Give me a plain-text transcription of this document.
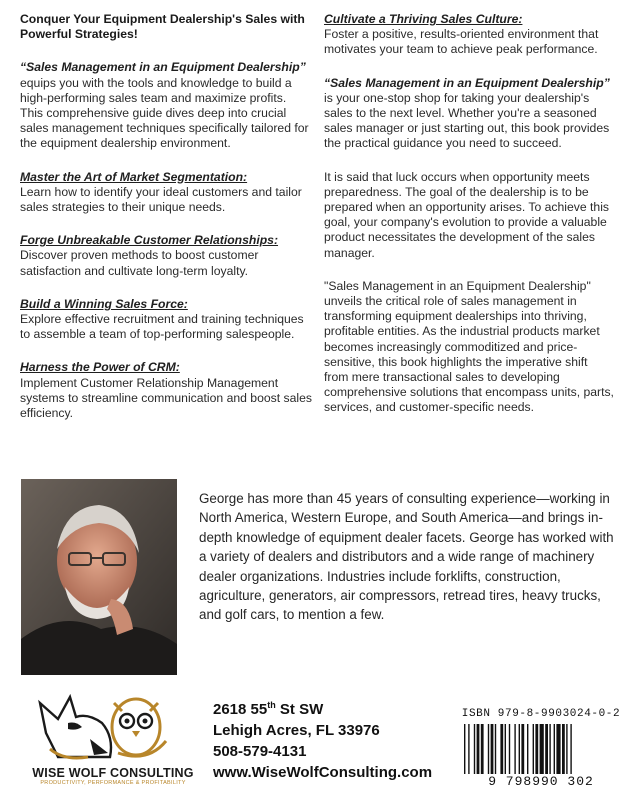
Conquer Your Equipment Dealership's Sales with Powerful Strategies!
“Sales Management in an Equipment Dealership” equips you with the tools and knowledge to build a high-performing sales team and maximize profits. This comprehensive guide dives deep into crucial sales management techniques specifically tailored for the equipment dealership environment.
Master the Art of Market Segmentation:
Learn how to identify your ideal customers and tailor sales strategies to their unique needs.
Forge Unbreakable Customer Relationships:
Discover proven methods to boost customer satisfaction and cultivate long-term loyalty.
Build a Winning Sales Force:
Explore effective recruitment and training techniques to assemble a team of top-performing salespeople.
Harness the Power of CRM:
Implement Customer Relationship Management systems to streamline communication and boost sales efficiency.
Cultivate a Thriving Sales Culture:
Foster a positive, results-oriented environment that motivates your team to achieve peak performance.
“Sales Management in an Equipment Dealership” is your one-stop shop for taking your dealership's sales to the next level. Whether you're a seasoned sales manager or just starting out, this book provides the practical guidance you need to succeed.
It is said that luck occurs when opportunity meets preparedness. The goal of the dealership is to be prepared when an opportunity arises. To achieve this goal, your company's evolution to provide a valuable product necessitates the development of the sales manager.
"Sales Management in an Equipment Dealership" unveils the critical role of sales management in transforming equipment dealerships into thriving, profitable entities. As the industrial products market becomes increasingly commoditized and price-sensitive, this book highlights the imperative shift from mere transactional sales to developing comprehensive solutions that encompass units, parts, services, and customer-specific needs.
George has more than 45 years of consulting experience—working in North America, Western Europe, and South America—and brings in-depth knowledge of equipment dealer facets. George has worked with a variety of dealers and distributors and a wide range of machinery dealer organizations. Industries include forklifts, construction, agriculture, generators, air compressors, retread tires, heavy trucks, and golf cars, to mention a few.
WISE WOLF CONSULTING
PRODUCTIVITY, PERFORMANCE & PROFITABILITY
2618 55th St SW
Lehigh Acres, FL 33976
508-579-4131
www.WiseWolfConsulting.com
ISBN 979-8-9903024-0-2
9 798990 302
